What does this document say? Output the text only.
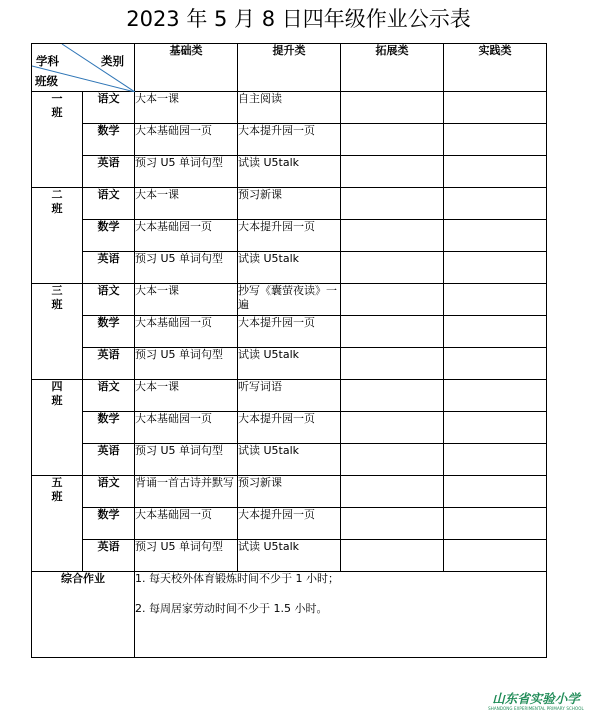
2023 年 5 月 8 日四年级作业公示表
类别
学科
班级		基础类	提升类	拓展类	实践类
一
班	语文	大本一课	自主阅读		
	数学	大本基础园一页	大本提升园一页		
	英语	预习 U5 单词句型	试读 U5talk		
二
班	语文	大本一课	预习新课		
	数学	大本基础园一页	大本提升园一页		
	英语	预习 U5 单词句型	试读 U5talk		
三
班	语文	大本一课	抄写《囊萤夜读》一遍		
	数学	大本基础园一页	大本提升园一页		
	英语	预习 U5 单词句型	试读 U5talk		
四
班	语文	大本一课	听写词语		
	数学	大本基础园一页	大本提升园一页		
	英语	预习 U5 单词句型	试读 U5talk		
五
班	语文	背诵一首古诗并默写	预习新课		
	数学	大本基础园一页	大本提升园一页		
	英语	预习 U5 单词句型	试读 U5talk		
综合作业		1. 每天校外体育锻炼时间不少于 1 小时；
2. 每周居家劳动时间不少于 1.5 小时。			
山东省实验小学
SHANDONG EXPERIMENTAL PRIMARY SCHOOL
